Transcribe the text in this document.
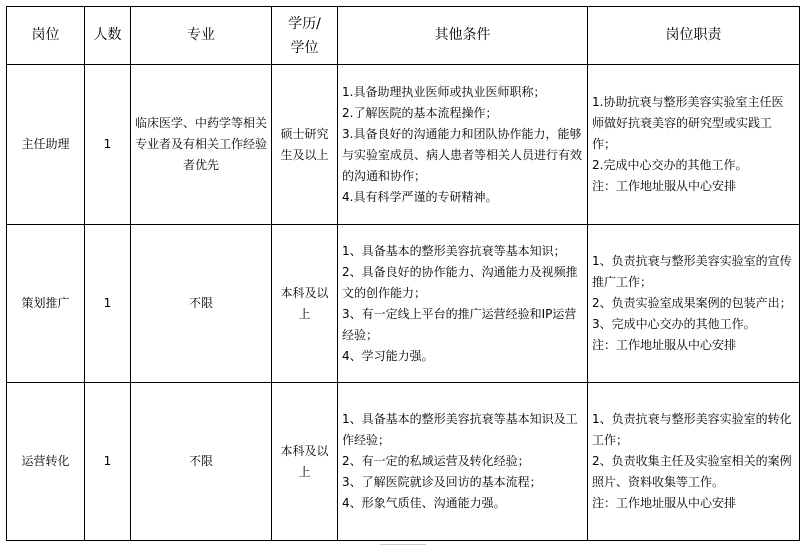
岗位	人数	专业	学历/
学位	其他条件	岗位职责
主任助理	1	临床医学、中药学等相关专业者及有相关工作经验者优先	硕士研究生及以上	1.具备助理执业医师或执业医师职称；
2.了解医院的基本流程操作；
3.具备良好的沟通能力和团队协作能力，能够与实验室成员、病人患者等相关人员进行有效的沟通和协作；
4.具有科学严谨的专研精神。	1.协助抗衰与整形美容实验室主任医师做好抗衰美容的研究型或实践工作；
2.完成中心交办的其他工作。
注：工作地址服从中心安排
策划推广	1	不限	本科及以上	1、具备基本的整形美容抗衰等基本知识；
2、具备良好的协作能力、沟通能力及视频推文的创作能力；
3、有一定线上平台的推广运营经验和IP运营经验；
4、学习能力强。	1、负责抗衰与整形美容实验室的宣传推广工作；
2、负责实验室成果案例的包装产出；
3、完成中心交办的其他工作。
注：工作地址服从中心安排
运营转化	1	不限	本科及以上	1、具备基本的整形美容抗衰等基本知识及工作经验；
2、有一定的私域运营及转化经验；
3、了解医院就诊及回访的基本流程；
4、形象气质佳、沟通能力强。	1、负责抗衰与整形美容实验室的转化工作；
2、负责收集主任及实验室相关的案例照片、资料收集等工作。
注：工作地址服从中心安排
